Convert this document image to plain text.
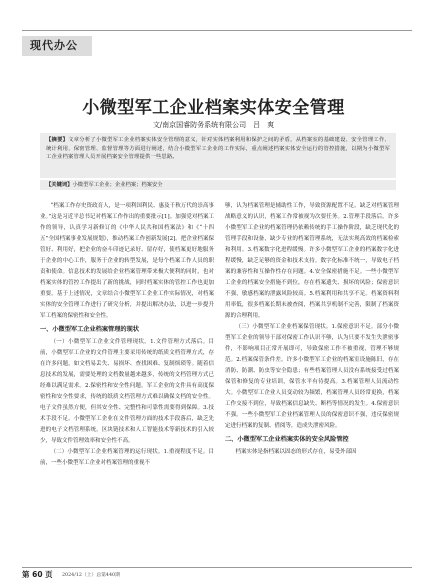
现代办公
小微型军工企业档案实体安全管理
文/南京国睿防务系统有限公司　吕　爽
【摘要】文章分析了小微型军工企业档案实体安全管理的意义，针对实体档案利用和保护之间的矛盾，从档案室的基础建设、安全管理工作、统计利用、保密管理、监督管理等方面进行阐述，结合小微型军工企业的工作实际，重点阐述档案实体安全运行的管控措施，以期为小微型军工企业档案管理人员开展档案安全管理提供一些思路。
【关键词】小微型军工企业；企业档案；档案安全

“档案工作存史资政育人，是一项利国利民、惠及千秋万代的崇高事业。”这是习近平总书记对档案工作作出的重要批示[1]。加强党对档案工作的领导，认真学习新修订的《中华人民共和国档案法》和《“十四五”全国档案事业发展规划》，推动档案工作创新发展[2]。把企业档案保管好、利用好，把企业的奋斗印迹记录好、留存好，使档案更好地服务于企业的中心工作，服务于企业的转型发展，是每个档案工作人员的职责和使命。信息技术的发展给企业档案管理带来极大便利的同时，也对档案实体的管控工作提出了新的挑战，同时档案实体的管控工作也更加重要。基于上述情况，文章结合小微型军工企业工作实际情况，对档案实体的安全管理工作进行了研究分析，并提出解决办法，以进一步提升军工档案的保密性和安全性。

一、小微型军工企业档案管理的现状

（一）小微型军工企业文件管理现状。1.文件管理方式落后。目前，小微型军工企业的文件管理主要采用传统的纸质文档管理方式，存在许多问题，如文档易丢失、易损坏、查找困难、复制烦琐等。随着信息技术的发展，需要处理的文档数量越来越多，传统的文档管理方式已经难以满足需求。2.保密性和安全性问题。军工企业的文件具有高度保密性和安全性要求，传统的纸质文档管理方式难以确保文档的安全性。电子文件虽然方便，但其安全性、完整性和可靠性需要得到保障。3.技术手段不足。小微型军工企业在文件管理方面的技术手段落后，缺乏先进的电子文档管理系统，区块链技术和人工智能技术等新技术的引入较少，导致文件管理效率和安全性不高。

（二）小微型军工企业档案管理的运行现状。1.重视程度不足。目前，一些小微型军工企业对档案管理的重视不

够，认为档案管理是辅助性工作，导致资源配置不足。缺乏对档案管理战略意义的认识，档案工作常被视为次要任务。2.管理手段落后。许多小微型军工企业的档案管理仍依赖传统的手工操作阶段，缺乏现代化的管理手段和设备，缺少专业的档案管理系统，无法实现高效的档案检索和利用。3.档案数字化进程缓慢。许多小微型军工企业的档案数字化进程缓慢，缺乏足够的资金和技术支持。数字化标准不统一，导致电子档案的兼容性和互操作性存在问题。4.安全保密措施不足。一些小微型军工企业的档案安全措施不到位，存在档案遗失、损坏的风险；保密意识不强，敏感档案的泄露风险较高。5.档案利用和共享不足。档案资料利用率低，很多档案长期未被查阅，档案共享机制不完善，限制了档案资源的合理利用。

（三）小微型军工企业档案保管现状。1.保密意识不足。部分小微型军工企业的领导干部对保密工作认识不够，认为只要不发生失泄密事件，不影响项目正常开展即可，导致保密工作不被重视，管理不够规范。2.档案保管条件差。许多小微型军工企业的档案室设施陈旧，存在消防、防潮、防虫等安全隐患；有些档案管理人员没有系统接受过档案保管和修复的专业培训，保管水平有待提高。3.档案管理人员流动性大。小微型军工企业人员变动较为频繁，档案管理人员经常更换，档案工作交接不到位，导致档案信息缺失、断档等情况的发生。4.保密意识不强。一些小微型军工企业档案管理人员的保密意识不强，违反保密规定进行档案的复制、借阅等，造成失泄密风险。

二、小微型军工企业档案实体的安全风险管控

档案实体是指档案以固态的形式存在，易受外部因

第 60 页 2024/12（上）总第440期
